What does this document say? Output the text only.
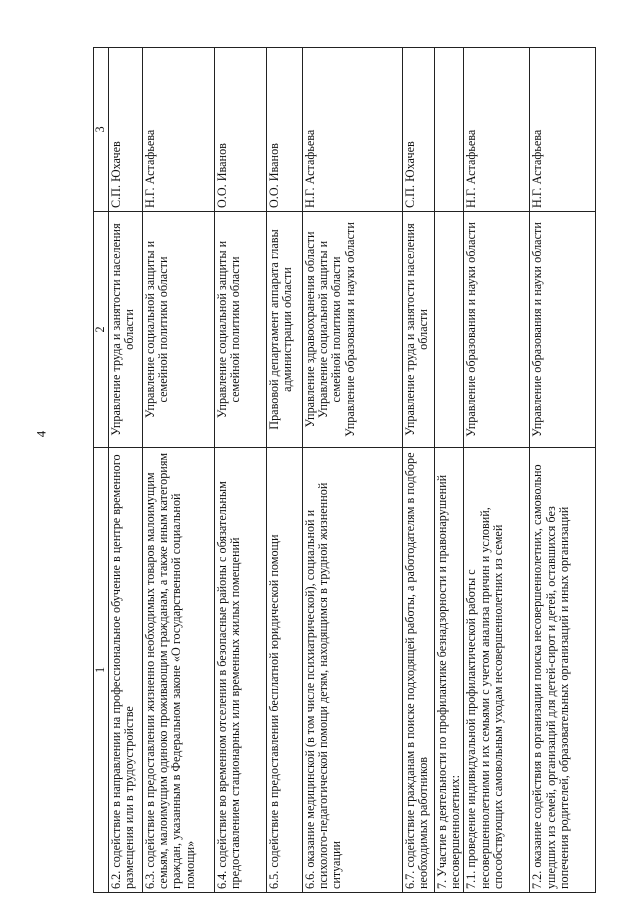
4
1	2	3
6.2. содействие в направлении на профессиональное обучение в центре временного размещения или в трудоустройстве	Управление труда и занятости населения области	С.П. Юхачев
6.3. содействие в предоставлении жизненно необходимых товаров малоимущим семьям, малоимущим одиноко проживающим гражданам, а также иным категориям граждан, указанным в Федеральном законе «О государственной социальной помощи»	Управление социальной защиты и семейной политики области	Н.Г. Астафьева
6.4. содействие во временном отселении в безопасные районы с обязательным предоставлением стационарных или временных жилых помещений	Управление социальной защиты и семейной политики области	О.О. Иванов
6.5. содействие в предоставлении бесплатной юридической помощи	Правовой департамент аппарата главы администрации области	О.О. Иванов
6.6. оказание медицинской (в том числе психиатрической), социальной и психолого-педагогической помощи детям, находящимся в трудной жизненной ситуации	Управление здравоохранения области Управление социальной защиты и семейной политики области Управление образования и науки области	Н.Г. Астафьева
6.7. содействие гражданам в поиске подходящей работы, а работодателям в подборе необходимых работников	Управление труда и занятости населения области	С.П. Юхачев
7. Участие в деятельности по профилактике безнадзорности и правонарушений несовершеннолетних:		
7.1. проведение индивидуальной профилактической работы с несовершеннолетними и их семьями с учетом анализа причин и условий, способствующих самовольным уходам несовершеннолетних из семей	Управление образования и науки области	Н.Г. Астафьева
7.2. оказание содействия в организации поиска несовершеннолетних, самовольно ушедших из семей, организаций для детей-сирот и детей, оставшихся без попечения родителей, образовательных организаций и иных организаций	Управление образования и науки области	Н.Г. Астафьева
